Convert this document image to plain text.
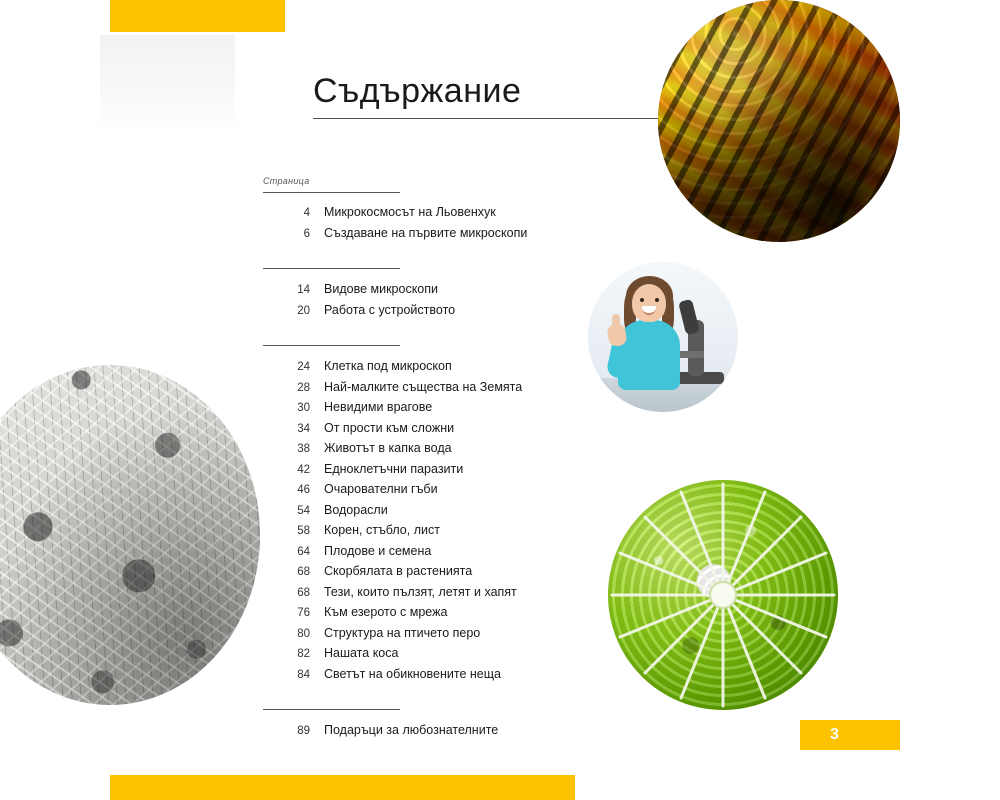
3
Съдържание
Страница
4 Микрокосмосът на Льовенхук
6 Създаване на първите микроскопи
14 Видове микроскопи
20 Работа с устройството
24 Клетка под микроскоп
28 Най-малките същества на Земята
30 Невидими врагове
34 От прости към сложни
38 Животът в капка вода
42 Едноклетъчни паразити
46 Очарователни гъби
54 Водорасли
58 Корен, стъбло, лист
64 Плодове и семена
68 Скорбялата в растенията
68 Тези, които пълзят, летят и хапят
76 Към езерото с мрежа
80 Структура на птичето перо
82 Нашата коса
84 Светът на обикновените неща
89 Подаръци за любознателните
